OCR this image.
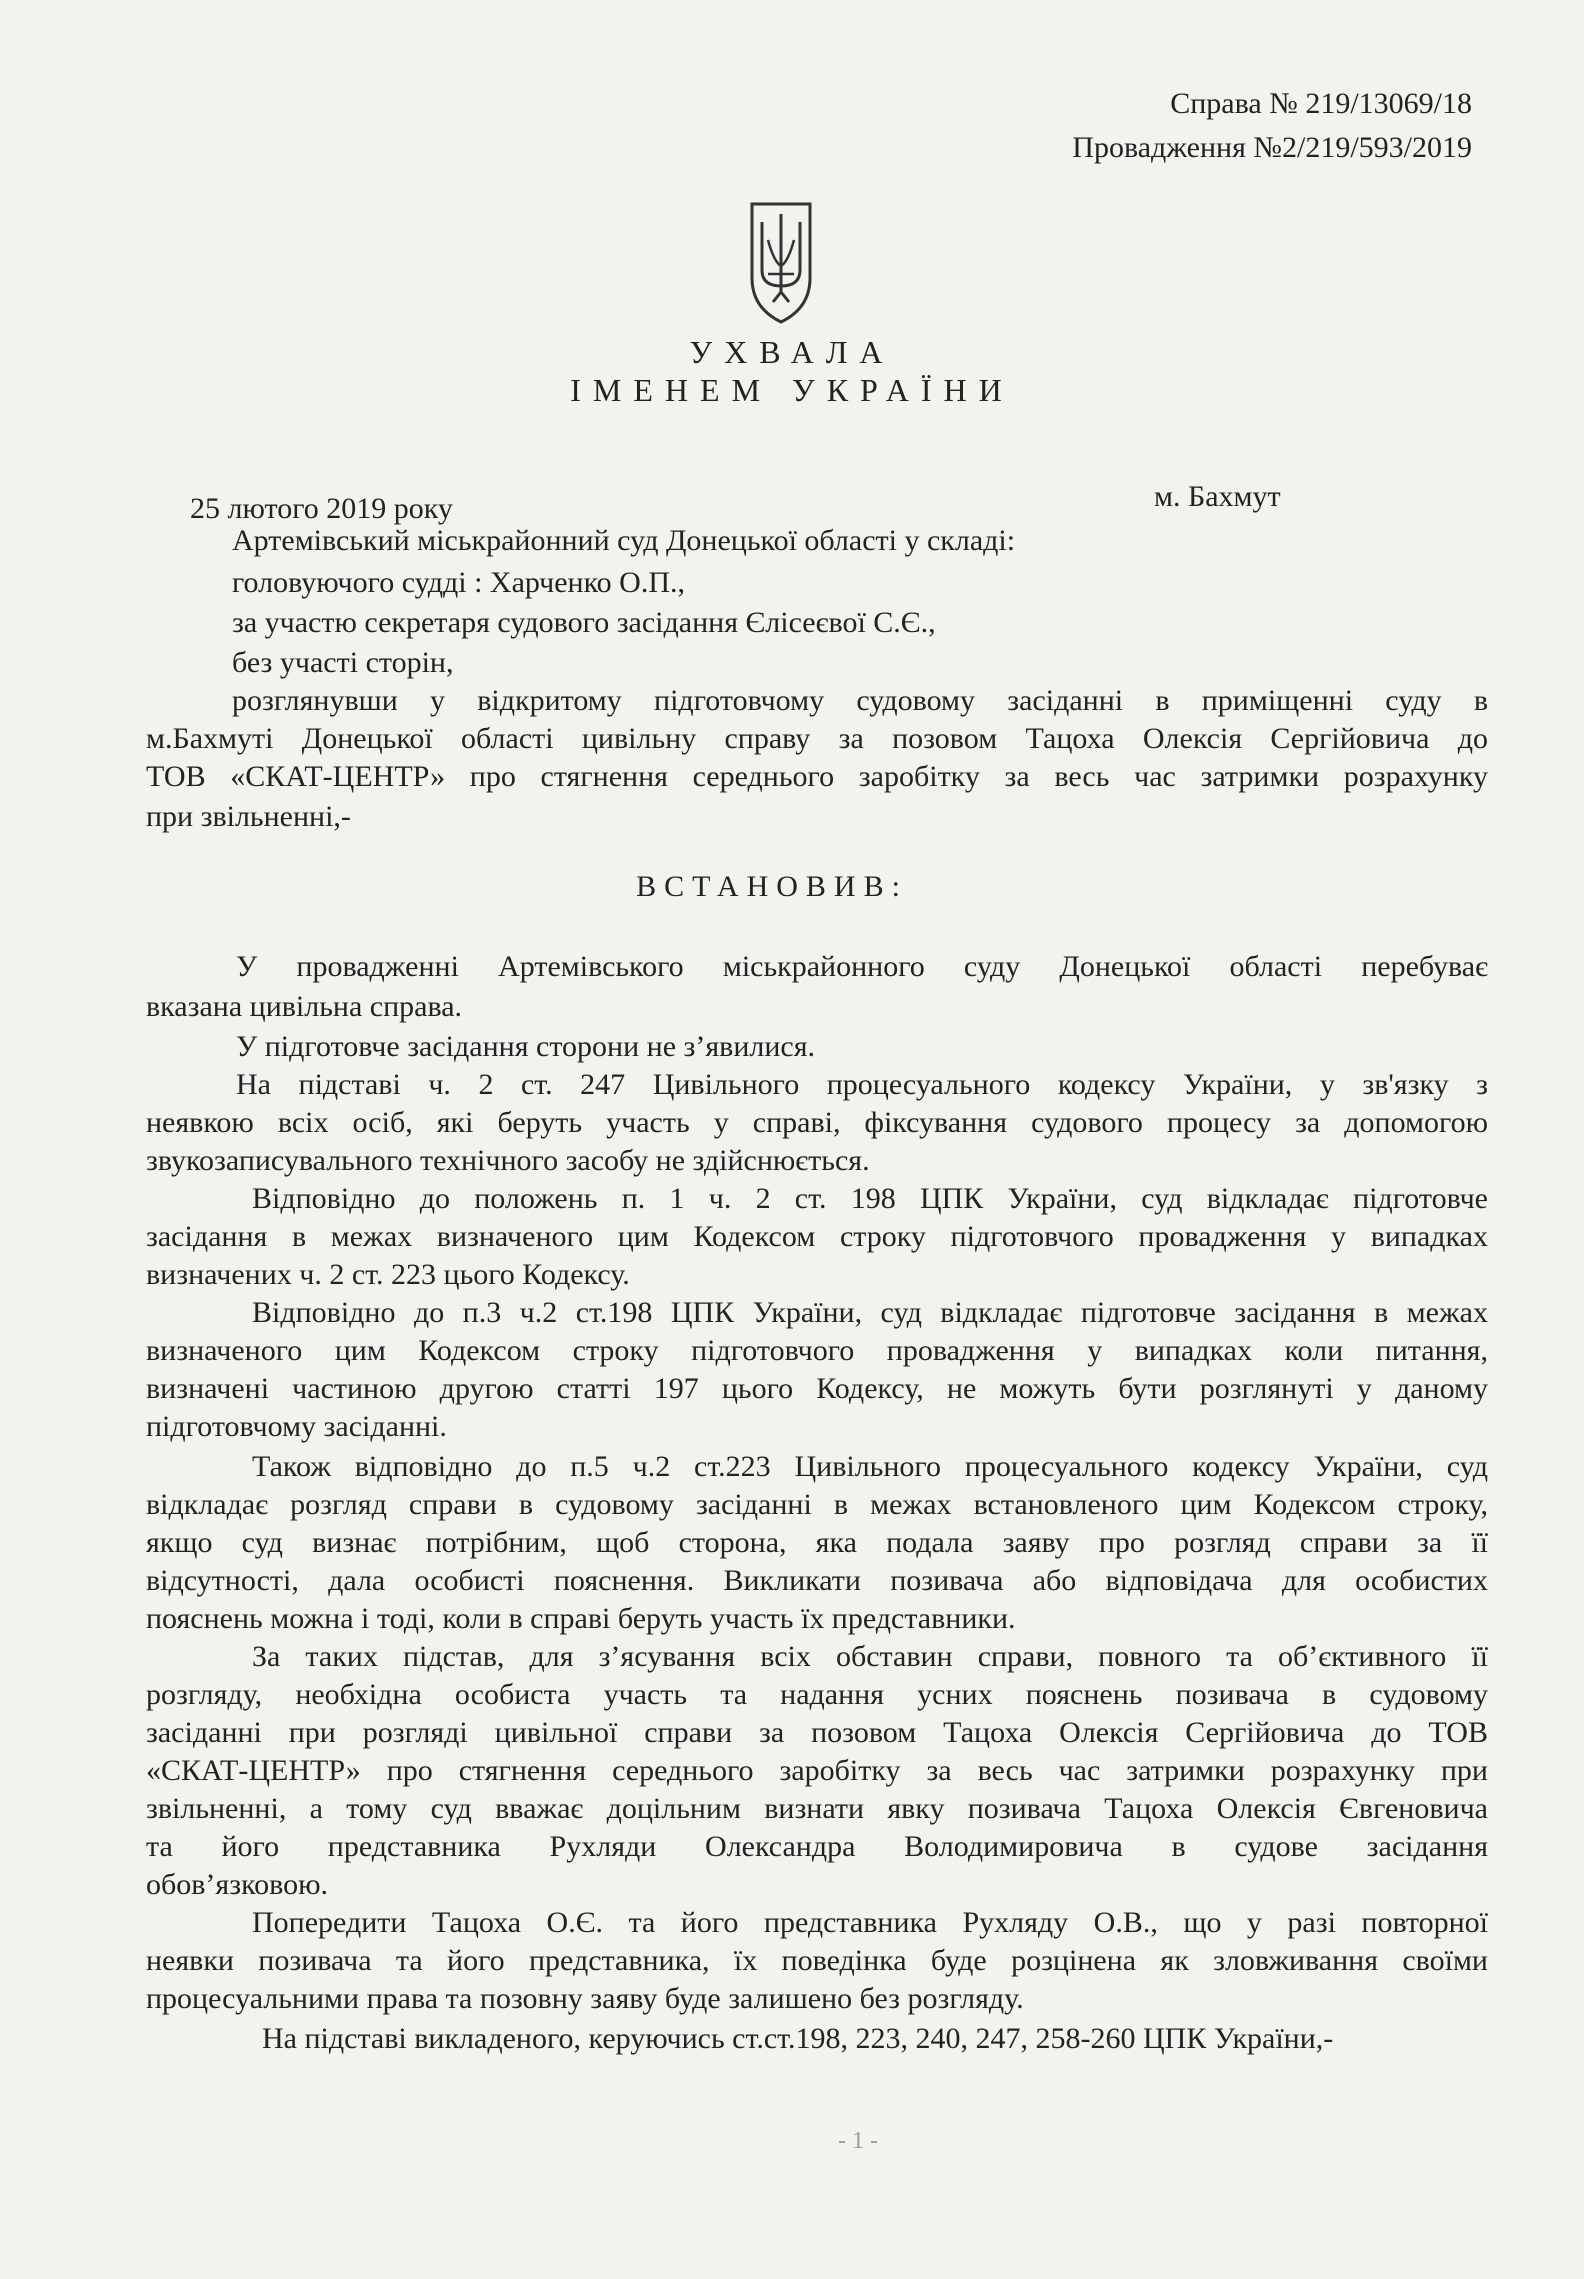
Справа № 219/13069/18
Провадження №2/219/593/2019
УХВАЛА
ІМЕНЕМ УКРАЇНИ
25 лютого 2019 року	м. Бахмут
Артемівський міськрайонний суд Донецької області у складі:
головуючого судді : Харченко О.П.,
за участю секретаря судового засідання Єлісеєвої С.Є.,
без участі сторін,
розглянувши у відкритому підготовчому судовому засіданні в приміщенні суду в
м.Бахмуті Донецької області цивільну справу за позовом Тацоха Олексія Сергійовича до
ТОВ «СКАТ-ЦЕНТР» про стягнення середнього заробітку за весь час затримки розрахунку
при звільненні,-
ВСТАНОВИВ:
У провадженні Артемівського міськрайонного суду Донецької області перебуває
вказана цивільна справа.
У підготовче засідання сторони не з’явилися.
На підставі ч. 2 ст. 247 Цивільного процесуального кодексу України, у зв'язку з
неявкою всіх осіб, які беруть участь у справі, фіксування судового процесу за допомогою
звукозаписувального технічного засобу не здійснюється.
Відповідно до положень п. 1 ч. 2 ст. 198 ЦПК України, суд відкладає підготовче
засідання в межах визначеного цим Кодексом строку підготовчого провадження у випадках
визначених ч. 2 ст. 223 цього Кодексу.
Відповідно до п.3 ч.2 ст.198 ЦПК України, суд відкладає підготовче засідання в межах
визначеного цим Кодексом строку підготовчого провадження у випадках коли питання,
визначені частиною другою статті 197 цього Кодексу, не можуть бути розглянуті у даному
підготовчому засіданні.
Також відповідно до п.5 ч.2 ст.223 Цивільного процесуального кодексу України, суд
відкладає розгляд справи в судовому засіданні в межах встановленого цим Кодексом строку,
якщо суд визнає потрібним, щоб сторона, яка подала заяву про розгляд справи за її
відсутності, дала особисті пояснення. Викликати позивача або відповідача для особистих
пояснень можна і тоді, коли в справі беруть участь їх представники.
За таких підстав, для з’ясування всіх обставин справи, повного та об’єктивного її
розгляду, необхідна особиста участь та надання усних пояснень позивача в судовому
засіданні при розгляді цивільної справи за позовом Тацоха Олексія Сергійовича до ТОВ
«СКАТ-ЦЕНТР» про стягнення середнього заробітку за весь час затримки розрахунку при
звільненні, а тому суд вважає доцільним визнати явку позивача Тацоха Олексія Євгеновича
та його представника Рухляди Олександра Володимировича в судове засідання
обов’язковою.
Попередити Тацоха О.Є. та його представника Рухляду О.В., що у разі повторної
неявки позивача та його представника, їх поведінка буде розцінена як зловживання своїми
процесуальними права та позовну заяву буде залишено без розгляду.
На підставі викладеного, керуючись ст.ст.198, 223, 240, 247, 258-260 ЦПК України,-
- 1 -
